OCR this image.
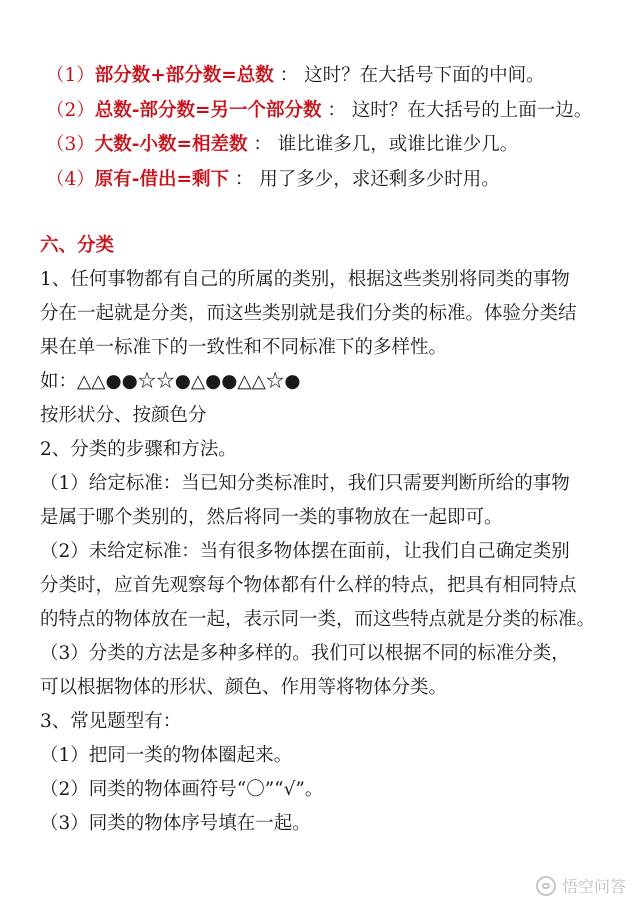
（1）部分数+部分数=总数 ： 这时？在大括号下面的中间。
（2）总数-部分数=另一个部分数 ： 这时？在大括号的上面一边。
（3）大数-小数=相差数 ： 谁比谁多几，或谁比谁少几。
（4）原有-借出=剩下 ： 用了多少，求还剩多少时用。
六、分类
1、任何事物都有自己的所属的类别，根据这些类别将同类的事物
分在一起就是分类，而这些类别就是我们分类的标准。体验分类结
果在单一标准下的一致性和不同标准下的多样性。
如：△△●●☆☆●△●●△△☆●
按形状分、按颜色分
2、分类的步骤和方法。
（1）给定标准：当已知分类标准时，我们只需要判断所给的事物
是属于哪个类别的，然后将同一类的事物放在一起即可。
（2）未给定标准：当有很多物体摆在面前，让我们自己确定类别
分类时，应首先观察每个物体都有什么样的特点，把具有相同特点
的特点的物体放在一起，表示同一类，而这些特点就是分类的标准。
（3）分类的方法是多种多样的。我们可以根据不同的标准分类，
可以根据物体的形状、颜色、作用等将物体分类。
3、常见题型有：
（1）把同一类的物体圈起来。
（2）同类的物体画符号“〇”“√”。
（3）同类的物体序号填在一起。
悟空问答
